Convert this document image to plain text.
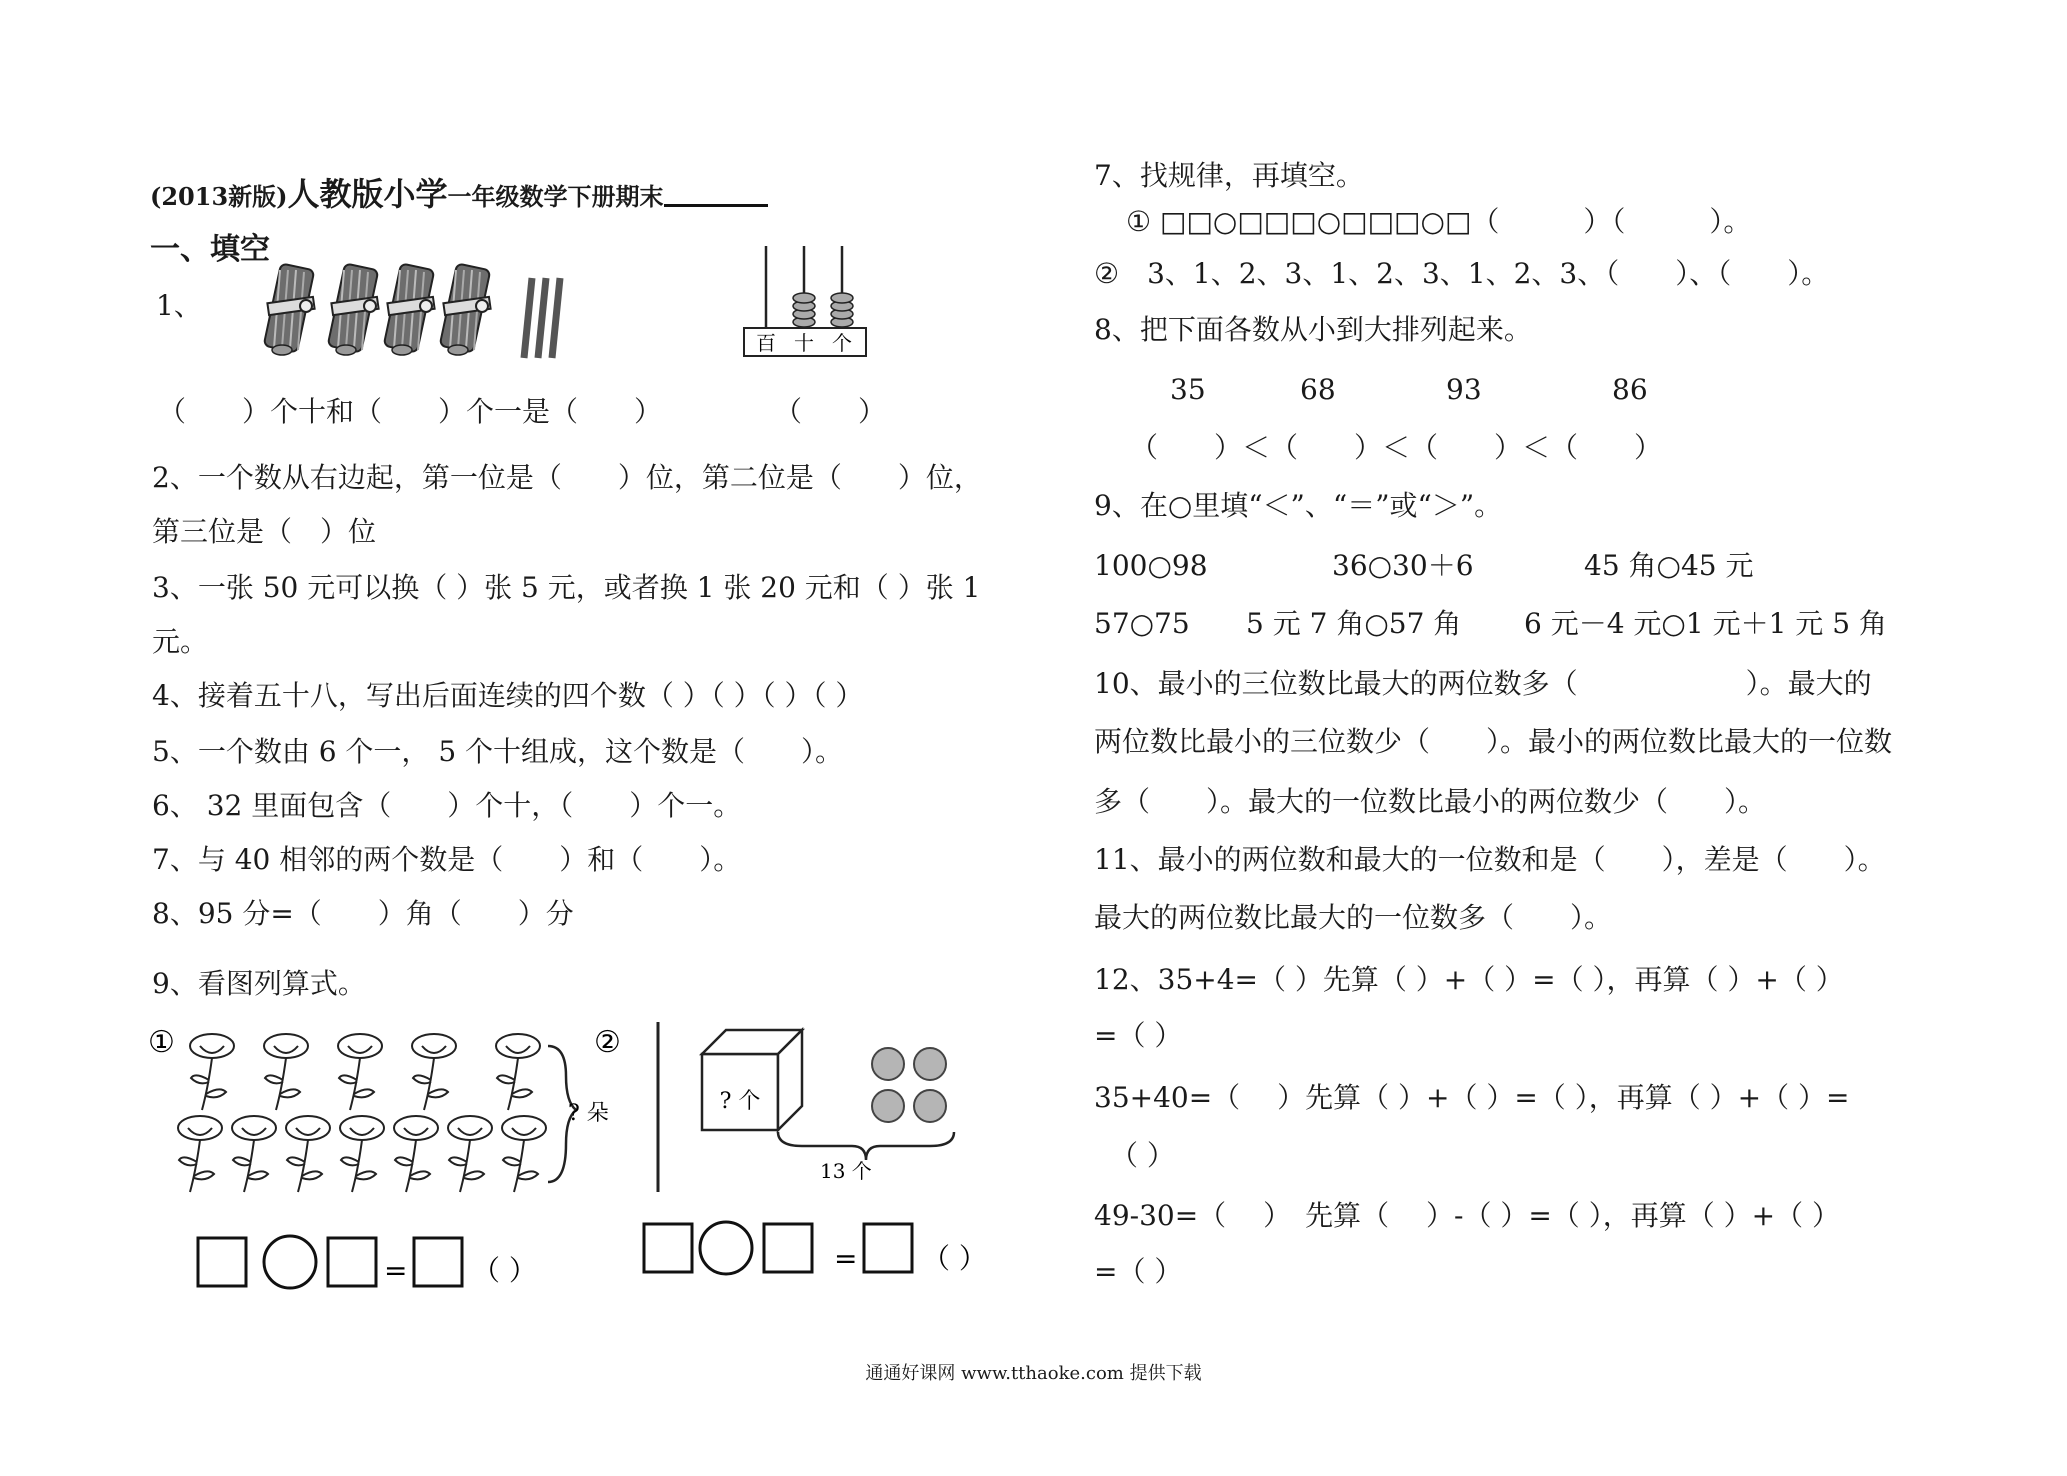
(2013新版)人教版小学一年级数学下册期末
一、填空
1、
百 十 个
（　　）个十和（　　）个一是（　　）　　　　　（　　）
2、一个数从右边起，第一位是（　　）位，第二位是（　　）位，
第三位是（　）位
3、一张 50 元可以换（ ）张 5 元，或者换 1 张 20 元和（ ）张 1
元。
4、接着五十八，写出后面连续的四个数（ ）（ ）（ ）（ ）
5、一个数由 6 个一， 5 个十组成，这个数是（　　）。
6、 32 里面包含（　　）个十，（　　）个一。
7、与 40 相邻的两个数是（　　）和（　　）。
8、95 分=（　　）角（　　）分
9、看图列算式。
①
? 朵
= （ ）
②
? 个
13 个
= （ ）
7、找规律，再填空。
① □□○□□□○□□□○□（　　　）（　　　）。
②　3、1、2、3、1、2、3、1、2、3、（　　）、（　　）。
8、把下面各数从小到大排列起来。
35	68	93	86
（　　）＜（　　）＜（　　）＜（　　）
9、在○里填“＜”、“＝”或“＞”。
100○98	36○30＋6	45 角○45 元
57○75 5 元 7 角○57 角 6 元－4 元○1 元＋1 元 5 角
10、最小的三位数比最大的两位数多（　　　　　　）。最大的
两位数比最小的三位数少（　　）。最小的两位数比最大的一位数
多（　　）。最大的一位数比最小的两位数少（　　）。
11、最小的两位数和最大的一位数和是（　　），差是（　　）。
最大的两位数比最大的一位数多（　　）。
12、35+4=（ ）先算（ ）+（ ）=（ ），再算（ ）+（ ）
=（ ）
35+40=（　 ）先算（ ）+（ ）=（ ），再算（ ）+（ ）=
（ ）
49-30=（　 ）　先算（　 ）-（ ）=（ ），再算（ ）+（ ）
=（ ）
通通好课网 www.tthaoke.com 提供下载
